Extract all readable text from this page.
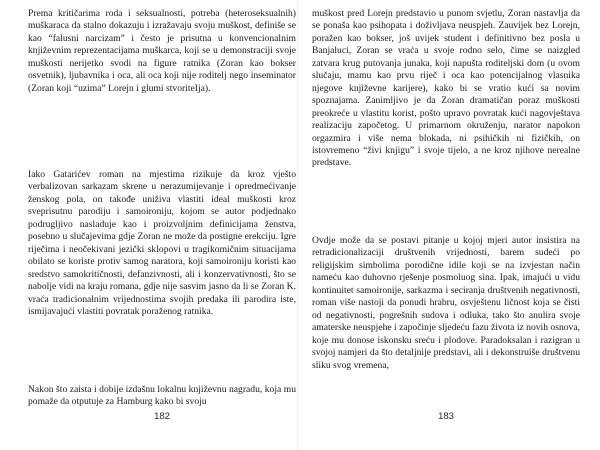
Prema kritičarima roda i seksualnosti, potreba (heteroseksualnih) muškaraca da stalno dokazuju i izražavaju svoju muškost, definiše se kao “falusni narcizam” i često je prisutna u konvencionalnim književnim reprezentacijama muškarca, koji se u demonstraciji svoje muškosti nerijetko svodi na figure ratnika (Zoran kao bokser osvetnik), ljubavnika i oca, ali oca koji nije roditelj nego inseminator (Zoran koji “uzima” Lorejn i glumi stvoriteIja).

Iako Gatarićev roman na mjestima rizikuje da kroz vješto verbalizovan sarkazam skrene u nerazumijevanje i opredmećivanje ženskog pola, on takođe uniživa vlastiti ideal muškosti kroz sveprisutnu parodiju i samoironiju, kojom se autor podjednako podrugljivo nasladuje kao i proizvoljnim definicijama ženstva, posebno u slučajevima gdje Zoran ne može da postigne erekciju. Igre riječima i neočekivani jezički sklopovi u tragikomičnim situacijama obilato se koriste protiv samog naratora, koji samoironiju koristi kao sredstvo samokritičnosti, defanzivnosti, ali i konzervativnosti, što se nabolje vidi na kraju romana, gdje nije sasvim jasno da li se Zoran K. vraća tradicionalnim vrijednostima svojih predaka ili parodira iste, ismijavajući vlastiti povratak poraženog ratnika.

Nakon što zaista i dobije izdašnu lokalnu književnu nagradu, koja mu pomaže da otputuje za Hamburg kako bi svoju

182

muškost pred Lorejn predstavio u punom svjetlu, Zoran nastavlja da se ponaša kao psihopata i doživljava neuspjeh. Zauvijek bez Lorejn, poražen kao bokser, još uvijek student i definitivno bez posla u Banjaluci, Zoran se vraća u svoje rodno selo, čime se naizgled zatvara krug putovanja junaka, koji napušta roditeljski dom (u ovom slučaju, mamu kao prvu riječ i oca kao potencijalnog vlasnika njegove književne karijere), kako bi se vratio kući sa novim spoznajama. Zanimljivo je da Zoran dramatičan poraz muškosti preokreće u vlastitu korist, pošto upravo povratak kući nagovještava realizaciju započetog. U primarnom okruženju, narator napokon orgazmira i više nema blokada, ni psihičkih ni fizičkih, on istovremeno “živi knjigu” i svoje tijelo, a ne kroz njihove nerealne predstave.

Ovdje može da se postavi pitanje u kojoj mjeri autor insistira na retradicionalizaciji društvenih vrijednosti, barem sudeći po religijskim simbolima porodične idile koji se na izvjestan način nameću kao duhovno rješenje posmoluog sina. Ipak, imajući u vidu kontinuitet samoironije, sarkazma i seciranja društvenih negativnosti, roman više nastoji da ponudi hrabru, osvještenu ličnost koja se čisti od negativnosti, pogrešnih sudova i odluka, tako što anulira svoje amaterske neuspjehe i započinje sljedeću fazu života iz novih osnova, koje mu donose iskonsku sreću i plodove. Paradoksalan i razigran u svojoj namjeri da što detaljnije predstavi, ali i dekonstruiše društvenu sliku svog vremena,

183
